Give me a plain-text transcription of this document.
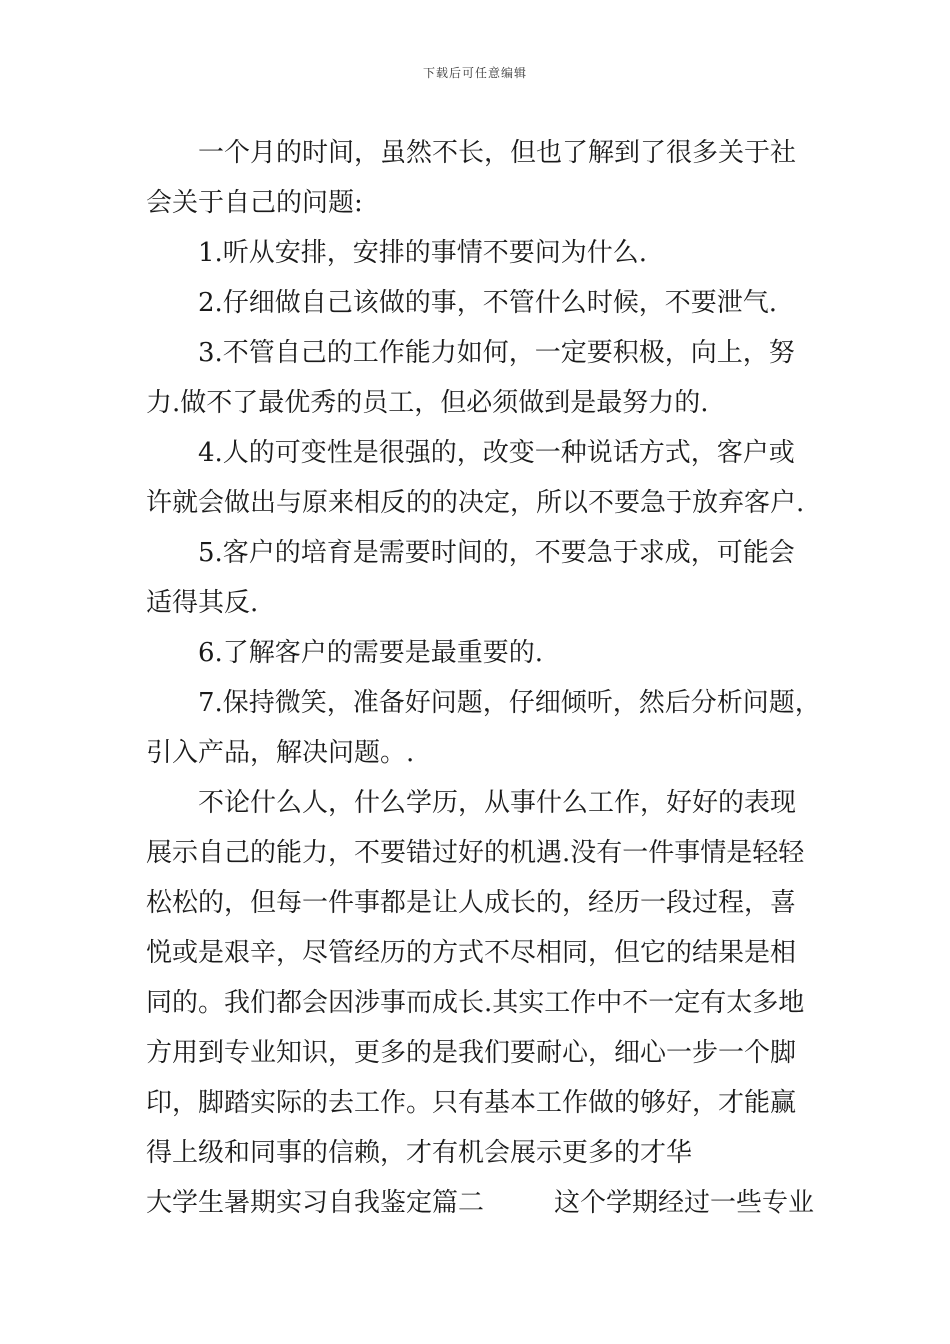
下载后可任意编辑
一个月的时间，虽然不长，但也了解到了很多关于社
会关于自己的问题:
1.听从安排，安排的事情不要问为什么.
2.仔细做自己该做的事，不管什么时候，不要泄气.
3.不管自己的工作能力如何，一定要积极，向上，努
力.做不了最优秀的员工，但必须做到是最努力的.
4.人的可变性是很强的，改变一种说话方式，客户或
许就会做出与原来相反的的决定，所以不要急于放弃客户.
5.客户的培育是需要时间的，不要急于求成，可能会
适得其反.
6.了解客户的需要是最重要的.
7.保持微笑，准备好问题，仔细倾听，然后分析问题，
引入产品，解决问题。.
不论什么人，什么学历，从事什么工作，好好的表现
展示自己的能力，不要错过好的机遇.没有一件事情是轻轻
松松的，但每一件事都是让人成长的，经历一段过程，喜
悦或是艰辛，尽管经历的方式不尽相同，但它的结果是相
同的。我们都会因涉事而成长.其实工作中不一定有太多地
方用到专业知识，更多的是我们要耐心，细心一步一个脚
印，脚踏实际的去工作。只有基本工作做的够好，才能赢
得上级和同事的信赖，才有机会展示更多的才华
大学生暑期实习自我鉴定篇二	这个学期经过一些专业
